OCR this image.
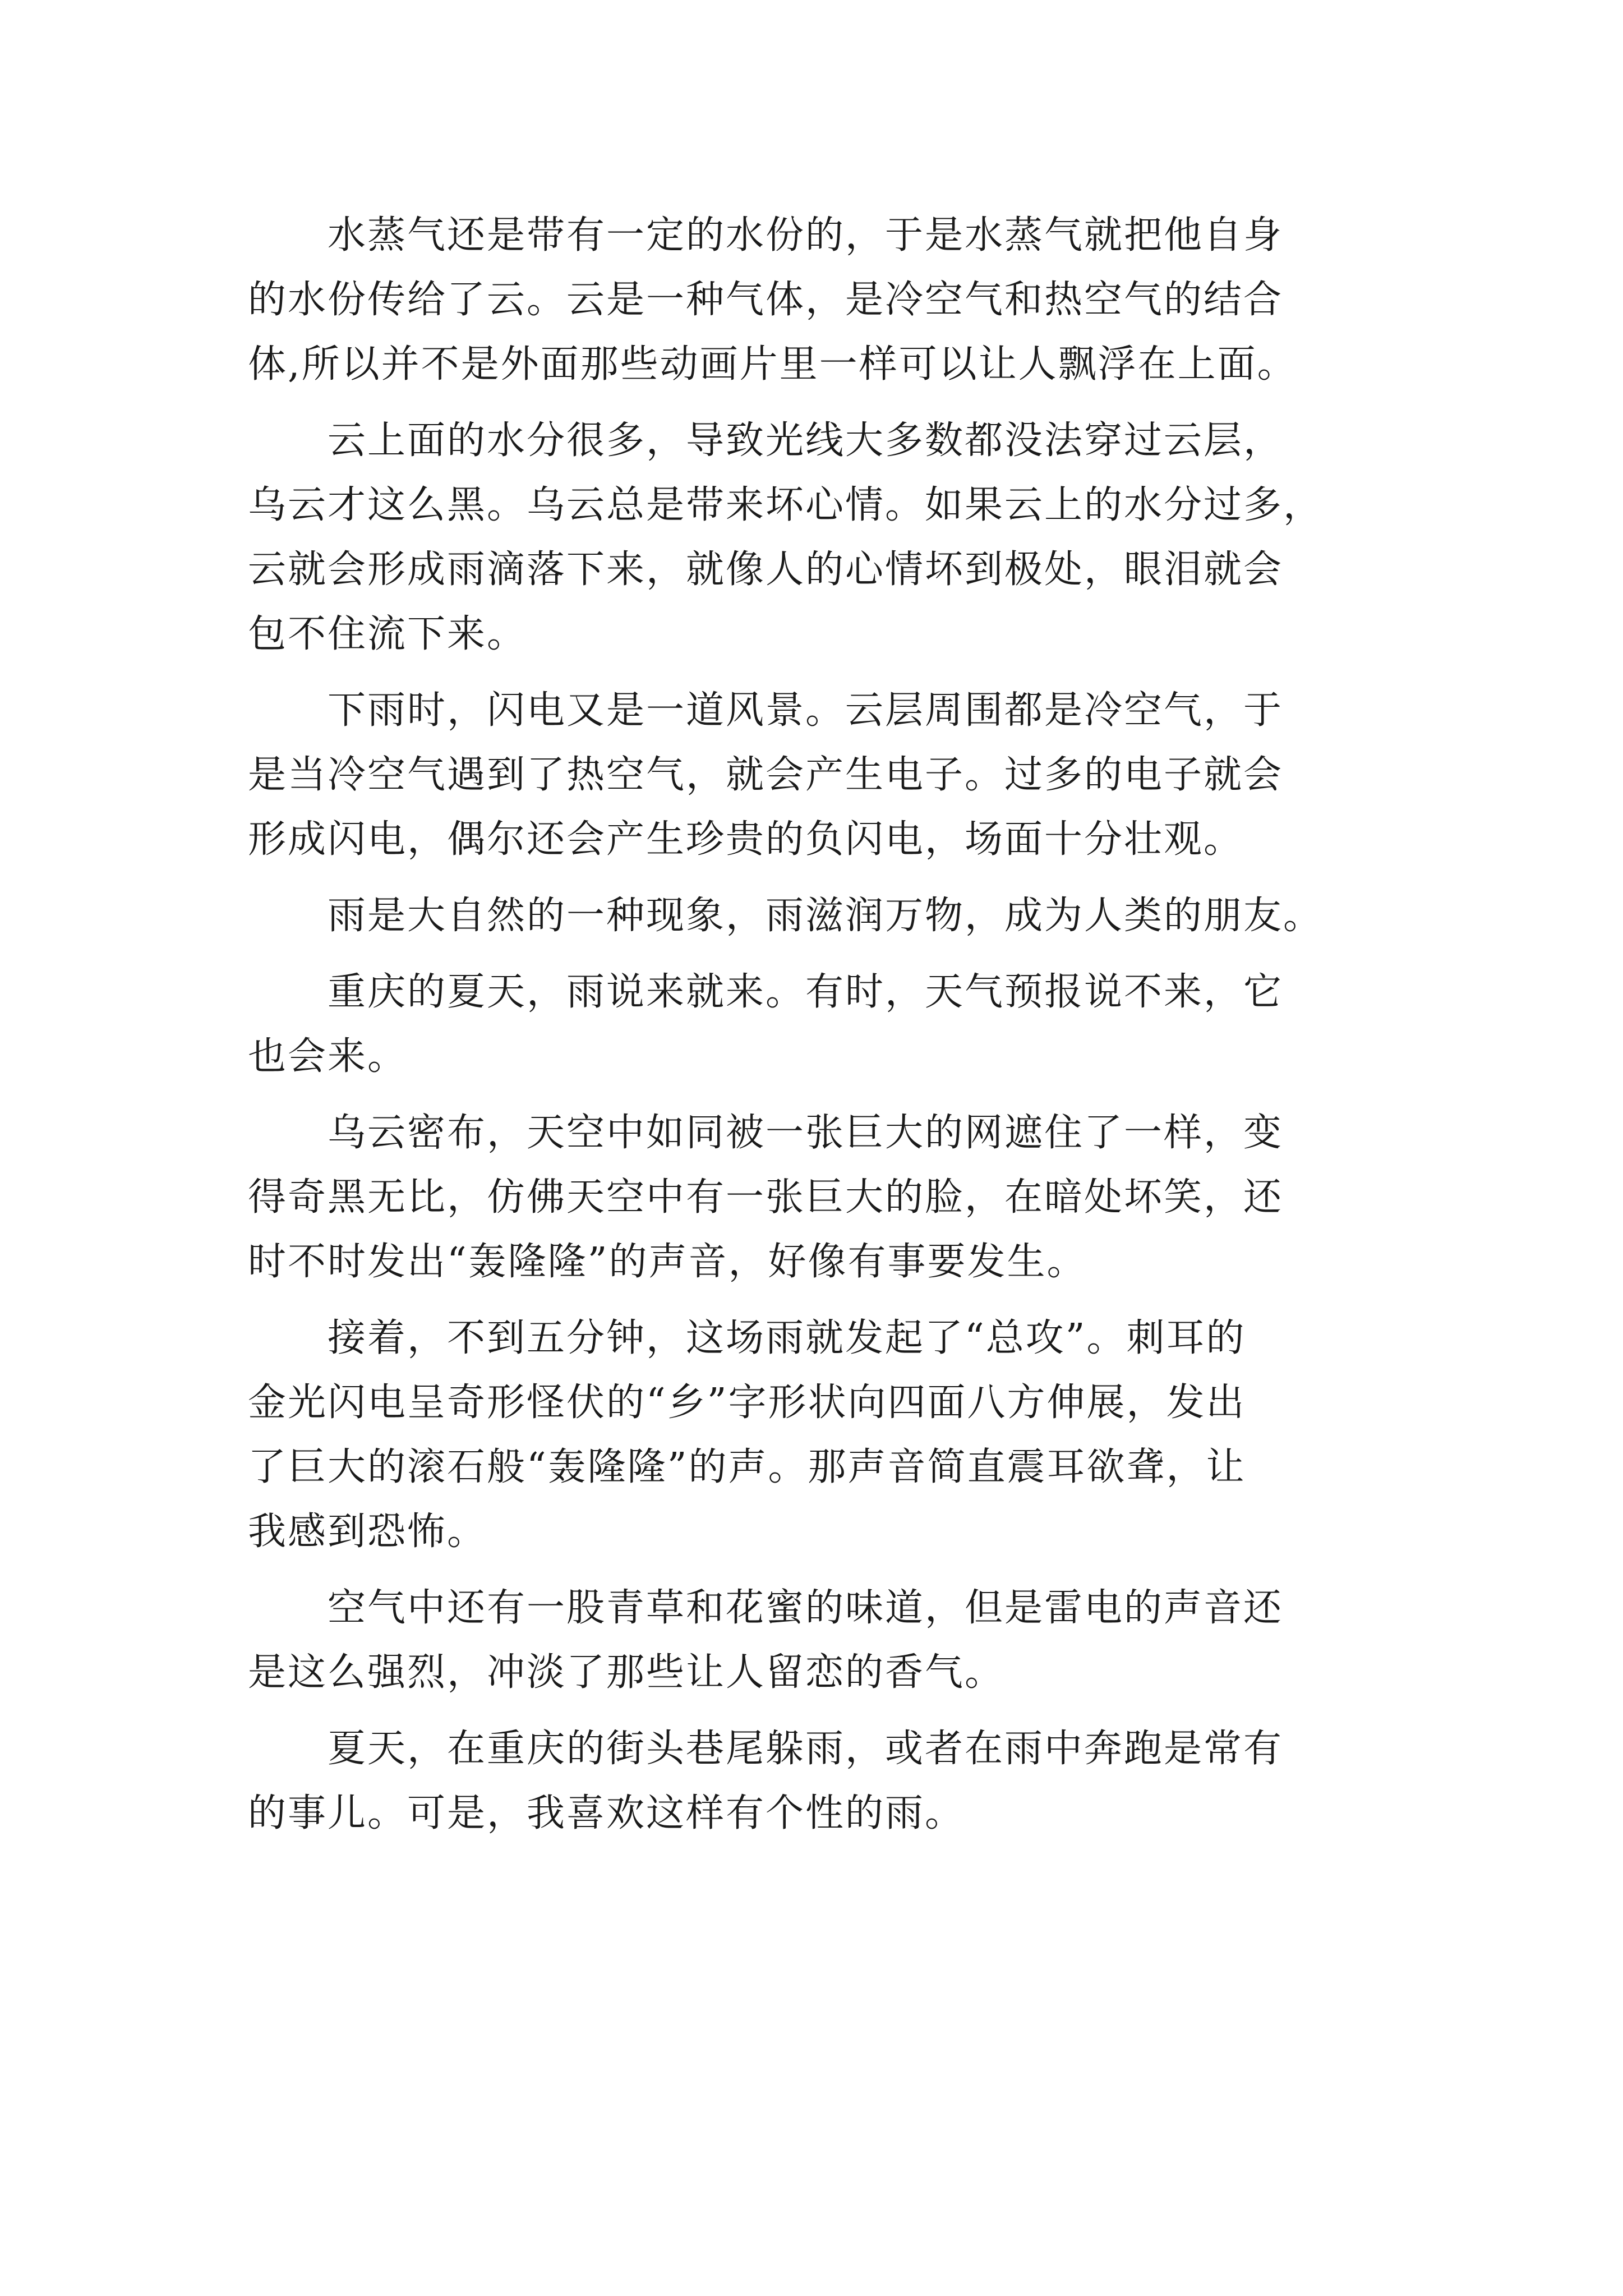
　　水蒸气还是带有一定的水份的，于是水蒸气就把他自身
的水份传给了云。云是一种气体，是冷空气和热空气的结合
体,所以并不是外面那些动画片里一样可以让人飘浮在上面。
　　云上面的水分很多，导致光线大多数都没法穿过云层，
乌云才这么黑。乌云总是带来坏心情。如果云上的水分过多，
云就会形成雨滴落下来，就像人的心情坏到极处，眼泪就会
包不住流下来。
　　下雨时，闪电又是一道风景。云层周围都是冷空气，于
是当冷空气遇到了热空气，就会产生电子。过多的电子就会
形成闪电，偶尔还会产生珍贵的负闪电，场面十分壮观。
　　雨是大自然的一种现象，雨滋润万物，成为人类的朋友。
　　重庆的夏天，雨说来就来。有时，天气预报说不来，它
也会来。
　　乌云密布，天空中如同被一张巨大的网遮住了一样，变
得奇黑无比，仿佛天空中有一张巨大的脸，在暗处坏笑，还
时不时发出“轰隆隆”的声音，好像有事要发生。
　　接着，不到五分钟，这场雨就发起了“总攻”。刺耳的
金光闪电呈奇形怪伏的“乡”字形状向四面八方伸展，发出
了巨大的滚石般“轰隆隆”的声。那声音简直震耳欲聋，让
我感到恐怖。
　　空气中还有一股青草和花蜜的味道，但是雷电的声音还
是这么强烈，冲淡了那些让人留恋的香气。
　　夏天，在重庆的街头巷尾躲雨，或者在雨中奔跑是常有
的事儿。可是，我喜欢这样有个性的雨。
